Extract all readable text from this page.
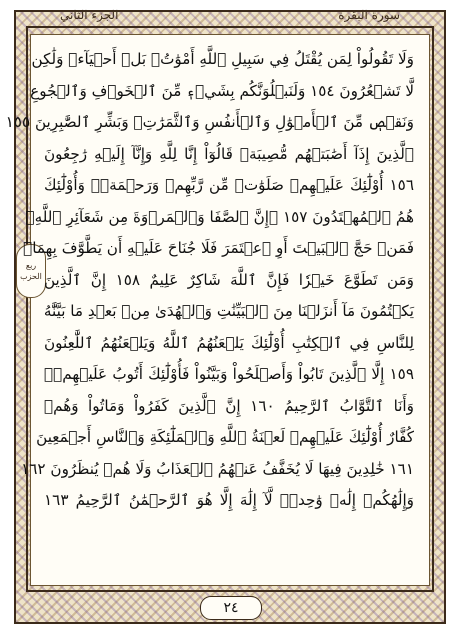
الجزء الثاني	سورة البقرة
ربع
الحزب
وَلَا تَقُولُواْ لِمَن يُقْتَلُ فِي سَبِيلِ ٱللَّهِ أَمْوَٰتُۢ بَلۡ أَحۡيَآءٞ وَلَٰكِن
لَّا تَشۡعُرُونَ ١٥٤ وَلَنَبۡلُوَنَّكُم بِشَيۡءٖ مِّنَ ٱلۡخَوۡفِ وَٱلۡجُوعِ
وَنَقۡصٖ مِّنَ ٱلۡأَمۡوَٰلِ وَٱلۡأَنفُسِ وَٱلثَّمَرَٰتِۗ وَبَشِّرِ ٱلصَّٰبِرِينَ ١٥٥
ٱلَّذِينَ إِذَآ أَصَٰبَتۡهُم مُّصِيبَةٞ قَالُوٓاْ إِنَّا لِلَّهِ وَإِنَّآ إِلَيۡهِ رَٰجِعُونَ
١٥٦ أُوْلَٰٓئِكَ عَلَيۡهِمۡ صَلَوَٰتٞ مِّن رَّبِّهِمۡ وَرَحۡمَةٞۖ وَأُوْلَٰٓئِكَ
هُمُ ٱلۡمُهۡتَدُونَ ١٥٧ ۞إِنَّ ٱلصَّفَا وَٱلۡمَرۡوَةَ مِن شَعَآئِرِ ٱللَّهِۖ
فَمَنۡ حَجَّ ٱلۡبَيۡتَ أَوِ ٱعۡتَمَرَ فَلَا جُنَاحَ عَلَيۡهِ أَن يَطَّوَّفَ بِهِمَاۚ
وَمَن تَطَوَّعَ خَيۡرٗا فَإِنَّ ٱللَّهَ شَاكِرٌ عَلِيمٌ ١٥٨ إِنَّ ٱلَّذِينَ
يَكۡتُمُونَ مَآ أَنزَلۡنَا مِنَ ٱلۡبَيِّنَٰتِ وَٱلۡهُدَىٰ مِنۢ بَعۡدِ مَا بَيَّنَّٰهُ
لِلنَّاسِ فِي ٱلۡكِتَٰبِ أُوْلَٰٓئِكَ يَلۡعَنُهُمُ ٱللَّهُ وَيَلۡعَنُهُمُ ٱللَّٰعِنُونَ
١٥٩ إِلَّا ٱلَّذِينَ تَابُواْ وَأَصۡلَحُواْ وَبَيَّنُواْ فَأُوْلَٰٓئِكَ أَتُوبُ عَلَيۡهِمۡۚ
وَأَنَا ٱلتَّوَّابُ ٱلرَّحِيمُ ١٦٠ إِنَّ ٱلَّذِينَ كَفَرُواْ وَمَاتُواْ وَهُمۡ
كُفَّارٌ أُوْلَٰٓئِكَ عَلَيۡهِمۡ لَعۡنَةُ ٱللَّهِ وَٱلۡمَلَٰٓئِكَةِ وَٱلنَّاسِ أَجۡمَعِينَ
١٦١ خَٰلِدِينَ فِيهَا لَا يُخَفَّفُ عَنۡهُمُ ٱلۡعَذَابُ وَلَا هُمۡ يُنظَرُونَ ١٦٢
وَإِلَٰهُكُمۡ إِلَٰهٞ وَٰحِدٞۖ لَّآ إِلَٰهَ إِلَّا هُوَ ٱلرَّحۡمَٰنُ ٱلرَّحِيمُ ١٦٣
٢٤
